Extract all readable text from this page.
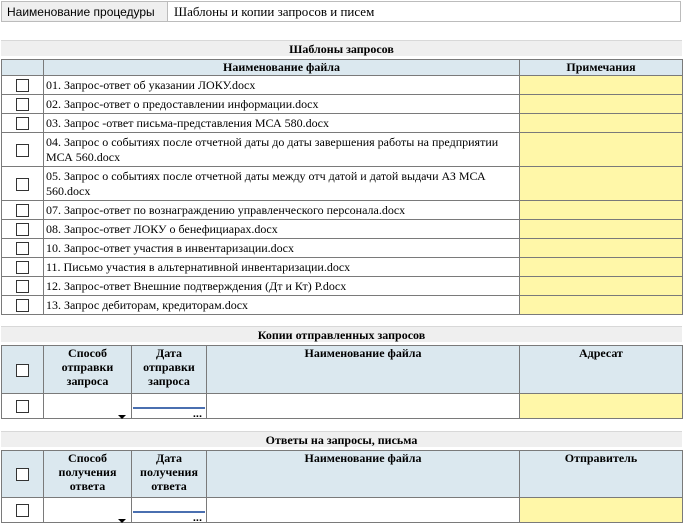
Наименование процедуры	Шаблоны и копии запросов и писем
Шаблоны запросов
	Наименование файла	Примечания
	01. Запрос-ответ об указании ЛОКУ.docx	
	02. Запрос-ответ о предоставлении информации.docx	
	03. Запрос -ответ письма-представления МСА 580.docx	
	04. Запрос о событиях после отчетной даты до даты завершения работы на предприятии МСА 560.docx	
	05. Запрос о событиях после отчетной даты между отч датой и датой выдачи АЗ МСА 560.docx	
	07. Запрос-ответ по вознаграждению управленческого персонала.docx	
	08. Запрос-ответ ЛОКУ о бенефициарах.docx	
	10. Запрос-ответ участия в инвентаризации.docx	
	11. Письмо участия в альтернативной инвентаризации.docx	
	12. Запрос-ответ Внешние подтверждения (Дт и Кт) Р.docx	
	13. Запрос дебиторам, кредиторам.docx	
Копии отправленных запросов
	Способ отправки запроса	Дата отправки запроса	Наименование файла	Адресат

		...		

Ответы на запросы, письма
	Способ получения ответа	Дата получения ответа	Наименование файла	Отправитель

		...		
